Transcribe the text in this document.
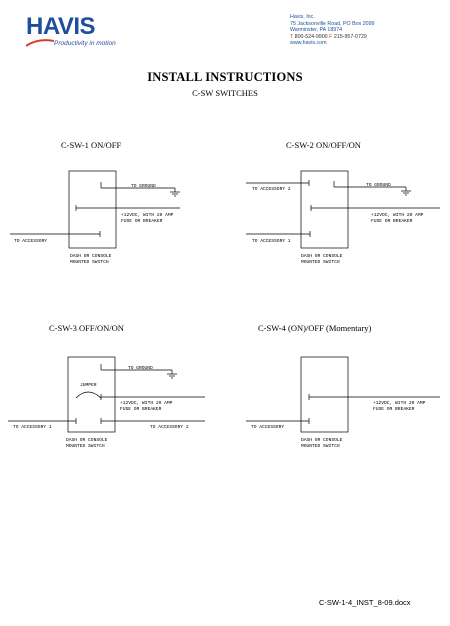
HAVIS
Productivity in motion
Havis, Inc.
75 Jacksonville Road, PO Box 2099
Warminster, PA 18974
T 800-524-9900 F 215-957-0729
www.havis.com
INSTALL INSTRUCTIONS
C-SW SWITCHES
C-SW-1 ON/OFF	C-SW-2 ON/OFF/ON
C-SW-3 OFF/ON/ON	C-SW-4 (ON)/OFF (Momentary)
TO GROUND
+12VDC, WITH 20 AMP
FUSE OR BREAKER
TO ACCESSORY
DASH OR CONSOLE
MOUNTED SWITCH
TO ACCESSORY 2
TO GROUND
+12VDC, WITH 20 AMP
FUSE OR BREAKER
TO ACCESSORY 1
DASH OR CONSOLE
MOUNTED SWITCH
TO GROUND
JUMPER
+12VDC, WITH 20 AMP
FUSE OR BREAKER
TO ACCESSORY 1	TO ACCESSORY 2
DASH OR CONSOLE
MOUNTED SWITCH
+12VDC, WITH 20 AMP
FUSE OR BREAKER
TO ACCESSORY
DASH OR CONSOLE
MOUNTED SWITCH
C-SW-1-4_INST_8-09.docx
